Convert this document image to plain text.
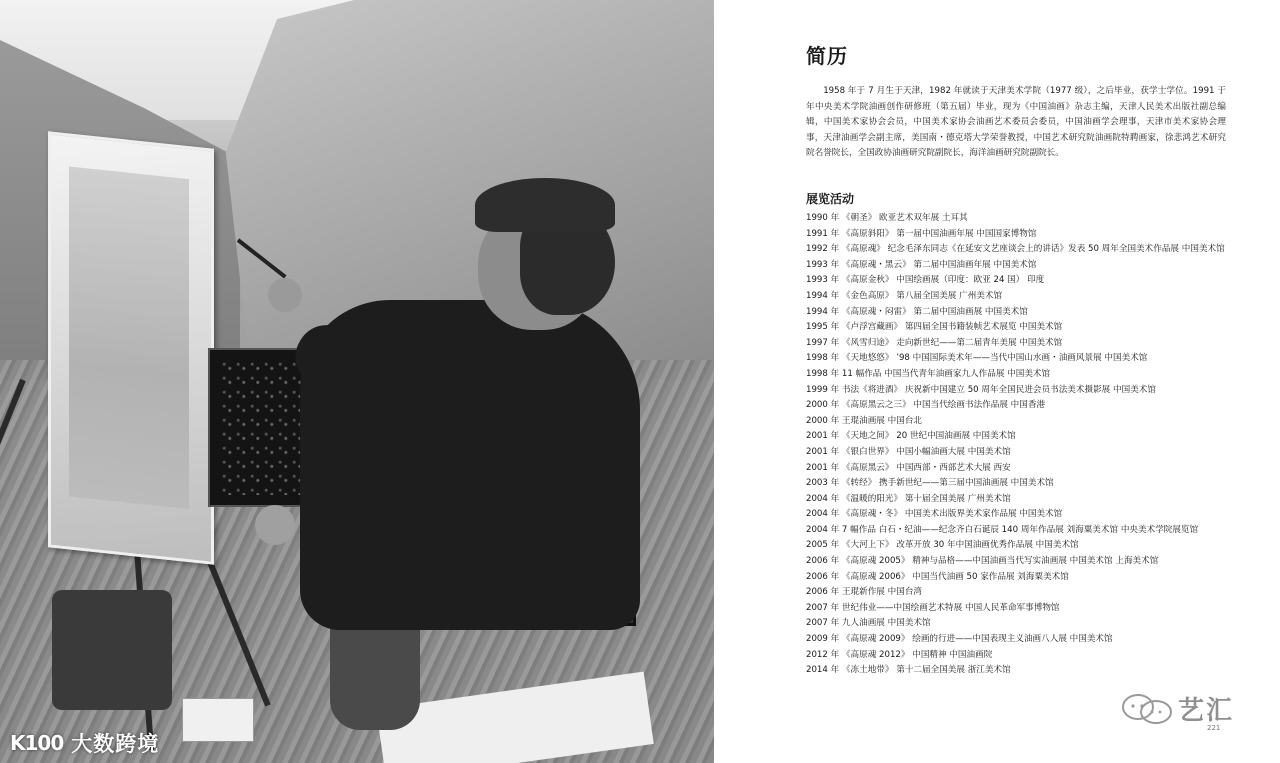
K100 大数跨境
简历

1958 年于 7 月生于天津，1982 年就读于天津美术学院（1977 级），之后毕业，获学士学位。1991 于年中央美术学院油画创作研修班（第五届）毕业，现为《中国油画》杂志主编，天津人民美术出版社副总编辑，中国美术家协会会员，中国美术家协会油画艺术委员会委员，中国油画学会理事，天津市美术家协会理事，天津油画学会副主席，美国南・德克塔大学荣誉教授，中国艺术研究院油画院特聘画家，徐悲鸿艺术研究院名誉院长，全国政协油画研究院副院长，海洋油画研究院副院长。

展览活动
1990 年 《朝圣》 欧亚艺术双年展 土耳其
1991 年 《高原斜阳》 第一届中国油画年展 中国国家博物馆
1992 年 《高原魂》 纪念毛泽东同志《在延安文艺座谈会上的讲话》发表 50 周年全国美术作品展 中国美术馆
1993 年 《高原魂・黑云》 第二届中国油画年展 中国美术馆
1993 年 《高原金秋》 中国绘画展（印度：欧亚 24 国） 印度
1994 年 《金色高原》 第八届全国美展 广州美术馆
1994 年 《高原魂・闷雷》 第二届中国油画展 中国美术馆
1995 年 《卢浮宫藏画》 第四届全国书籍装帧艺术展览 中国美术馆
1997 年 《风雪归途》 走向新世纪——第二届青年美展 中国美术馆
1998 年 《天地悠悠》 ’98 中国国际美术年——当代中国山水画・油画风景展 中国美术馆
1998 年 11 幅作品 中国当代青年油画家九人作品展 中国美术馆
1999 年 书法《将进酒》 庆祝新中国建立 50 周年全国民进会员书法美术摄影展 中国美术馆
2000 年 《高原黑云之三》 中国当代绘画书法作品展 中国香港
2000 年 王琨油画展 中国台北
2001 年 《天地之间》 20 世纪中国油画展 中国美术馆
2001 年 《银白世界》 中国小幅油画大展 中国美术馆
2001 年 《高原黑云》 中国西部・西部艺术大展 西安
2003 年 《转经》 携手新世纪——第三届中国油画展 中国美术馆
2004 年 《温暖的阳光》 第十届全国美展 广州美术馆
2004 年 《高原魂・冬》 中国美术出版界美术家作品展 中国美术馆
2004 年 7 幅作品 白石・纪油——纪念齐白石诞辰 140 周年作品展 刘海粟美术馆 中央美术学院展览馆
2005 年 《大河上下》 改革开放 30 年中国油画优秀作品展 中国美术馆
2006 年 《高原魂 2005》 精神与品格——中国油画当代写实油画展 中国美术馆 上海美术馆
2006 年 《高原魂 2006》 中国当代油画 50 家作品展 刘海粟美术馆
2006 年 王琨新作展 中国台湾
2007 年 世纪伟业——中国绘画艺术特展 中国人民革命军事博物馆
2007 年 九人油画展 中国美术馆
2009 年 《高原魂 2009》 绘画的行进——中国表现主义油画八人展 中国美术馆
2012 年 《高原魂 2012》 中国精神 中国油画院
2014 年 《冻土地带》 第十二届全国美展 浙江美术馆
221
艺汇
